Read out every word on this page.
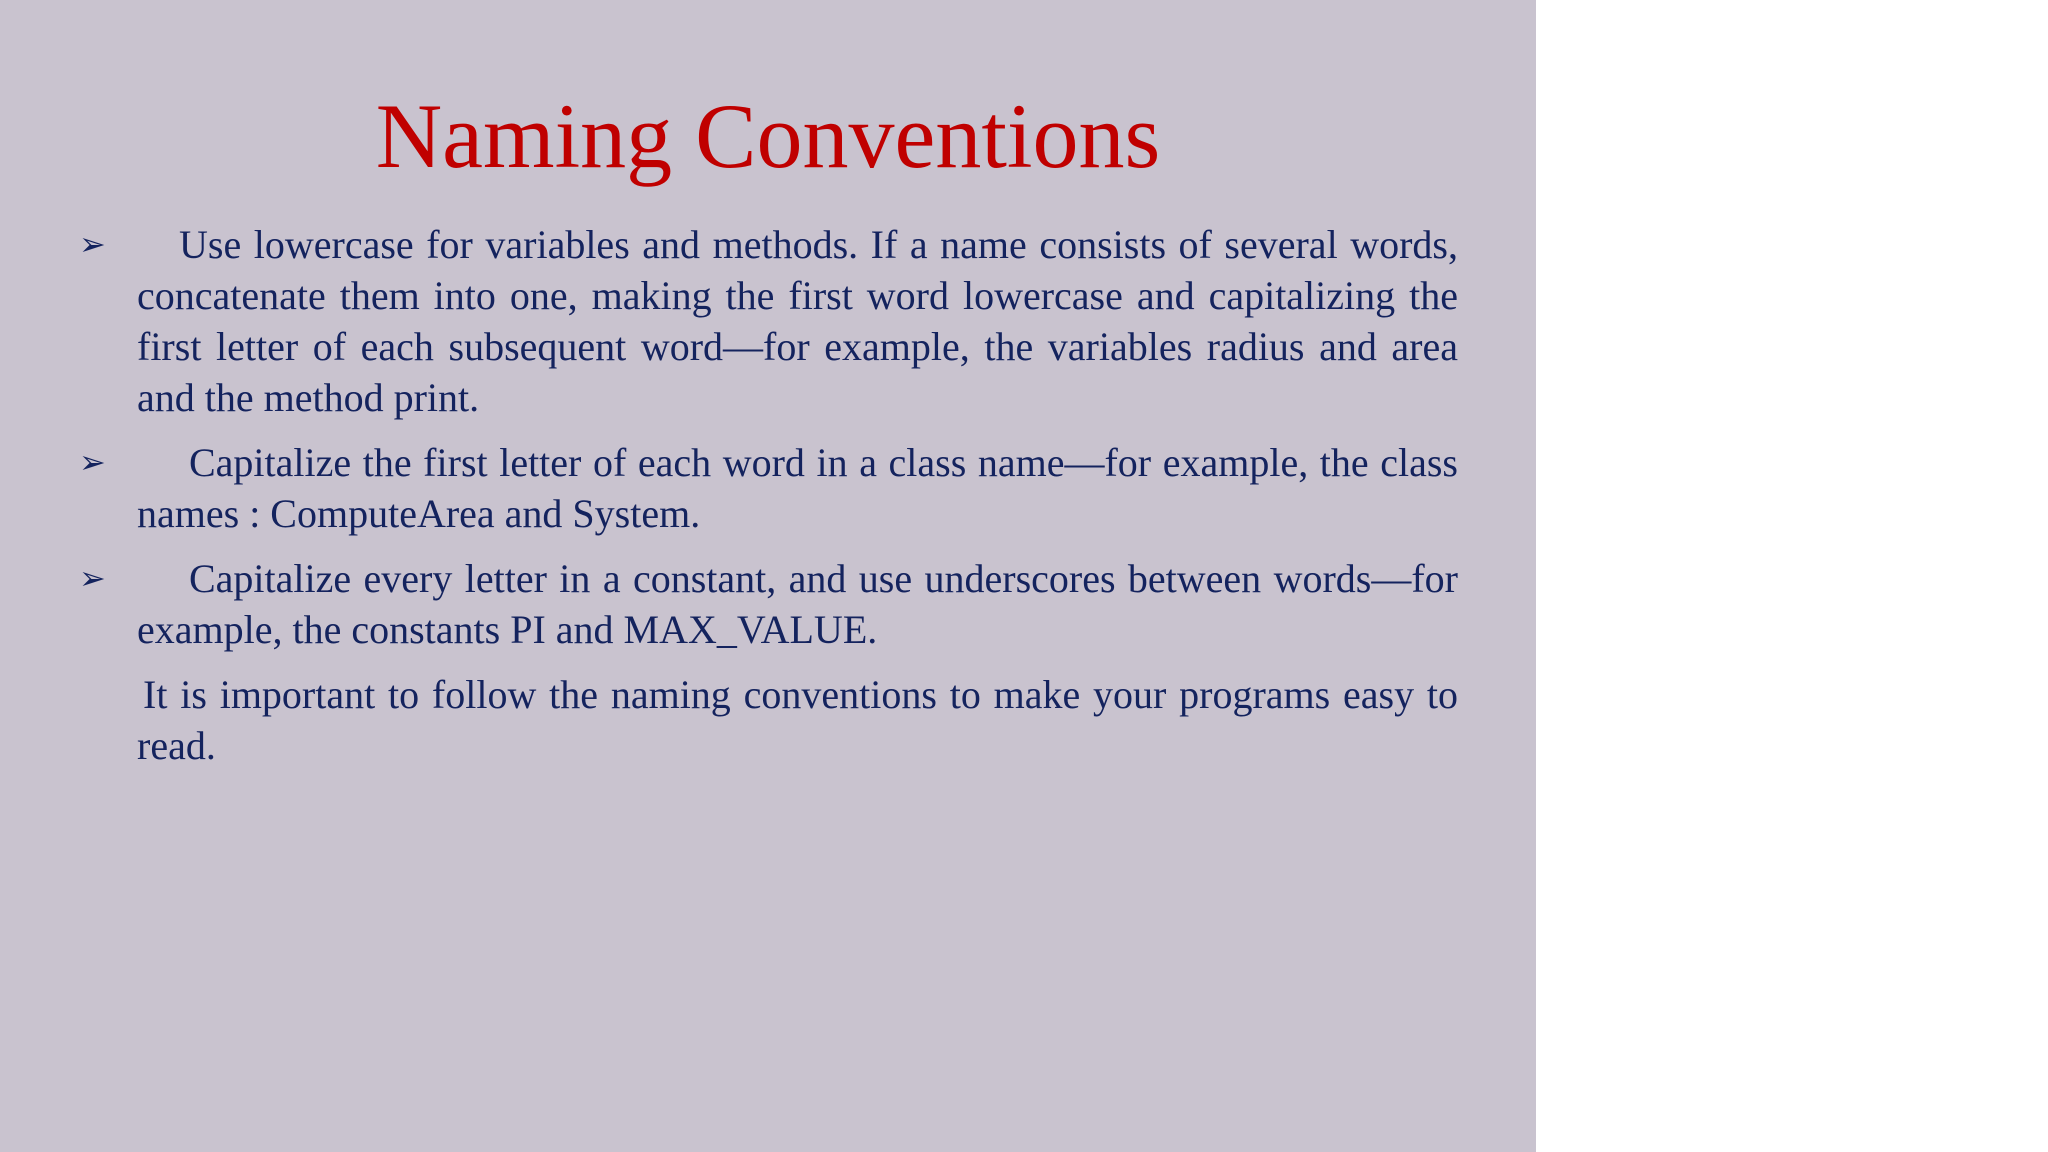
Naming Conventions
➢ Use lowercase for variables and methods. If a name consists of several words, concatenate them into one, making the first word lowercase and capitalizing the first letter of each subsequent word—for example, the variables radius and area and the method print.
➢ Capitalize the first letter of each word in a class name—for example, the class names : ComputeArea and System.
➢ Capitalize every letter in a constant, and use underscores between words—for example, the constants PI and MAX_VALUE.
It is important to follow the naming conventions to make your programs easy to read.
